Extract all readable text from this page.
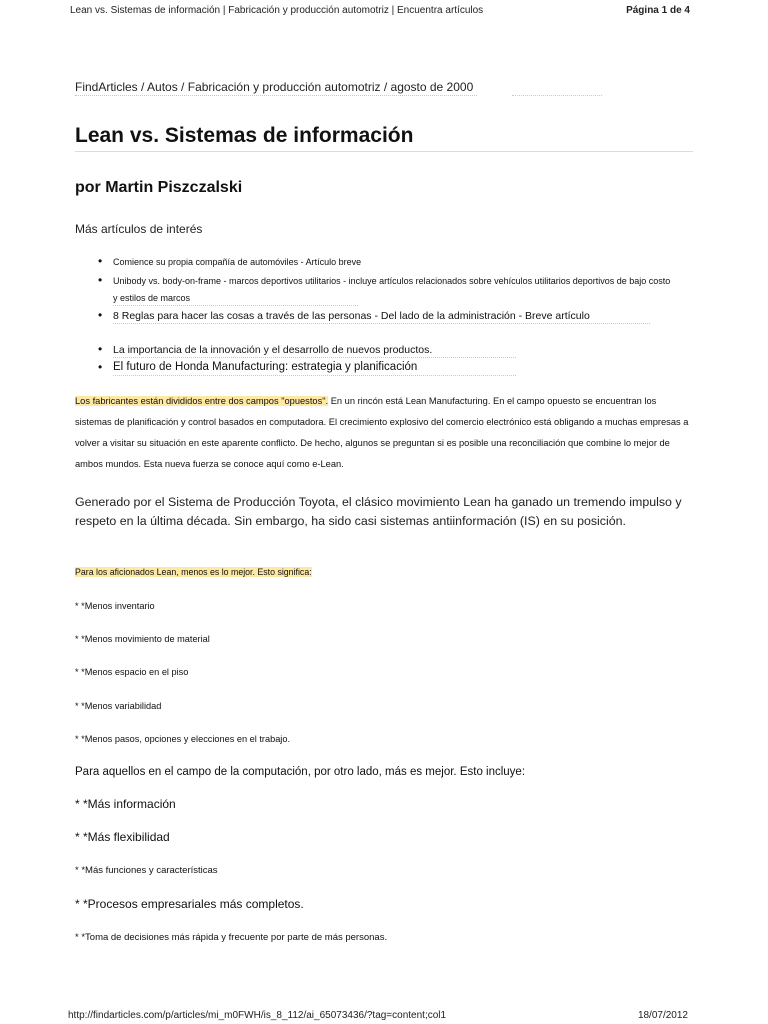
Lean vs. Sistemas de información | Fabricación y producción automotriz | Encuentra artículos	Página 1 de 4
FindArticles / Autos / Fabricación y producción automotriz / agosto de 2000
Lean vs. Sistemas de información
por Martin Piszczalski
Más artículos de interés
• Comience su propia compañía de automóviles - Artículo breve
• Unibody vs. body-on-frame - marcos deportivos utilitarios - incluye artículos relacionados sobre vehículos utilitarios deportivos de bajo costo
y estilos de marcos
• 8 Reglas para hacer las cosas a través de las personas - Del lado de la administración - Breve artículo
• La importancia de la innovación y el desarrollo de nuevos productos.
• El futuro de Honda Manufacturing: estrategia y planificación
Los fabricantes están divididos entre dos campos "opuestos". En un rincón está Lean Manufacturing. En el campo opuesto se encuentran los sistemas de planificación y control basados en computadora. El crecimiento explosivo del comercio electrónico está obligando a muchas empresas a volver a visitar su situación en este aparente conflicto. De hecho, algunos se preguntan si es posible una reconciliación que combine lo mejor de ambos mundos. Esta nueva fuerza se conoce aquí como e-Lean.
Generado por el Sistema de Producción Toyota, el clásico movimiento Lean ha ganado un tremendo impulso y respeto en la última década. Sin embargo, ha sido casi sistemas antiinformación (IS) en su posición.
Para los aficionados Lean, menos es lo mejor. Esto significa:
* *Menos inventario
* *Menos movimiento de material
* *Menos espacio en el piso
* *Menos variabilidad
* *Menos pasos, opciones y elecciones en el trabajo.
Para aquellos en el campo de la computación, por otro lado, más es mejor. Esto incluye:
* *Más información
* *Más flexibilidad
* *Más funciones y características
* *Procesos empresariales más completos.
* *Toma de decisiones más rápida y frecuente por parte de más personas.
http://findarticles.com/p/articles/mi_m0FWH/is_8_112/ai_65073436/?tag=content;col1	18/07/2012
